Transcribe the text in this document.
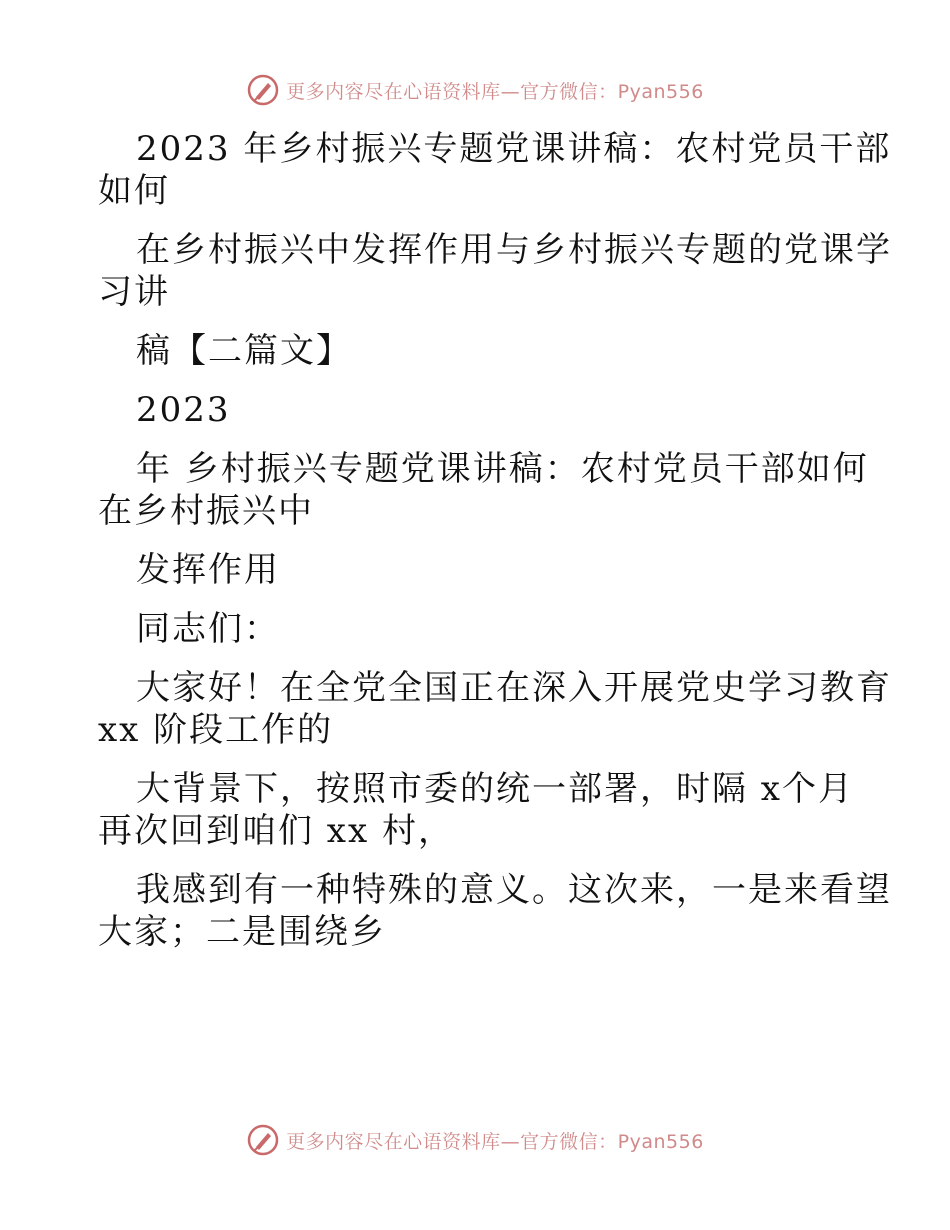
更多内容尽在心语资料库—官方微信：Pyan556
2023 年乡村振兴专题党课讲稿：农村党员干部
如何
在乡村振兴中发挥作用与乡村振兴专题的党课学
习讲
稿【二篇文】
2023
年 乡村振兴专题党课讲稿：农村党员干部如何
在乡村振兴中
发挥作用
同志们：
大家好！在全党全国正在深入开展党史学习教育
xx 阶段工作的
大背景下，按照市委的统一部署，时隔 x个月
再次回到咱们 xx 村，
我感到有一种特殊的意义。这次来，一是来看望
大家；二是围绕乡
更多内容尽在心语资料库—官方微信：Pyan556
